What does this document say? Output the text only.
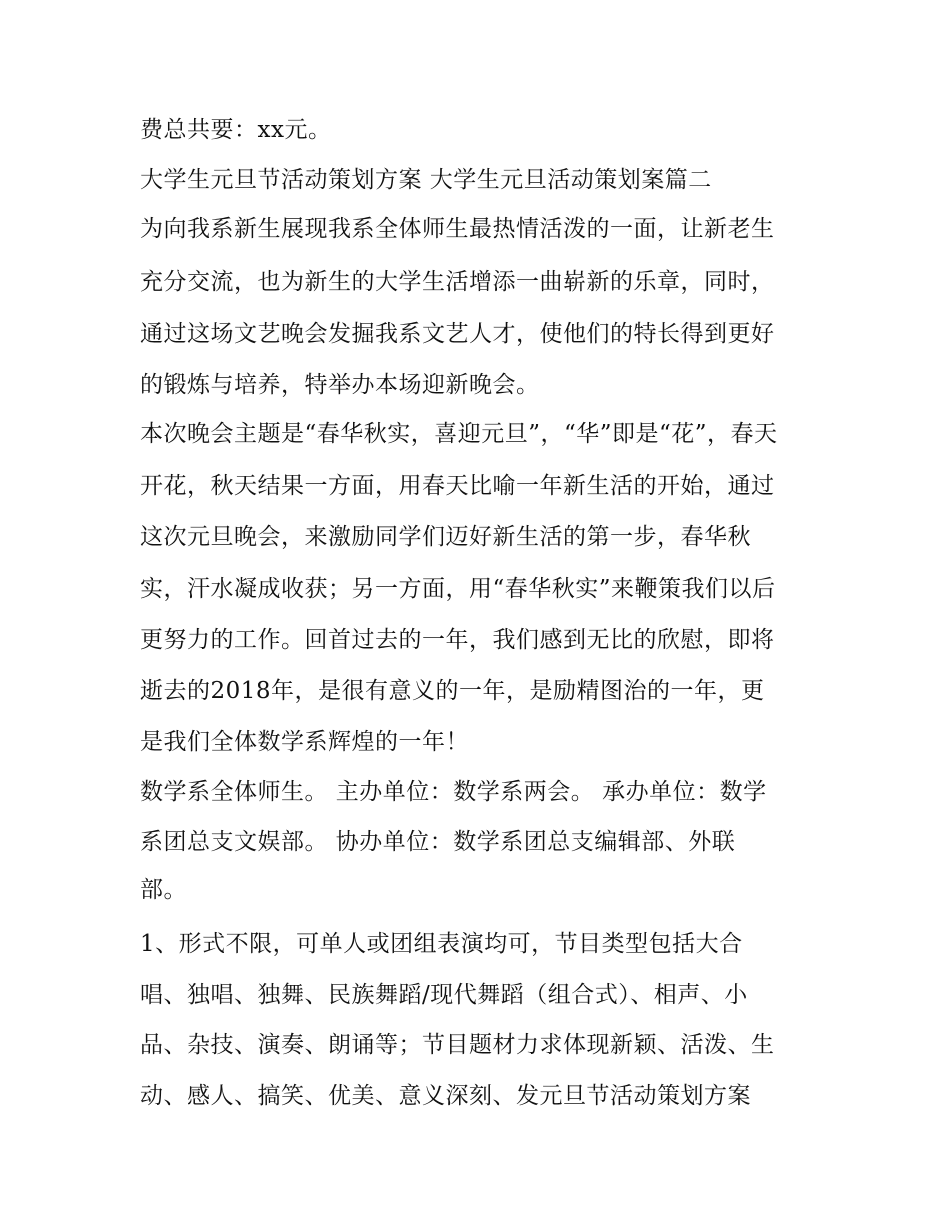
费总共要：xx元。
大学生元旦节活动策划方案 大学生元旦活动策划案篇二
为向我系新生展现我系全体师生最热情活泼的一面，让新老生
充分交流，也为新生的大学生活增添一曲崭新的乐章，同时，
通过这场文艺晚会发掘我系文艺人才，使他们的特长得到更好
的锻炼与培养，特举办本场迎新晚会。
本次晚会主题是“春华秋实，喜迎元旦”，“华”即是“花”，春天
开花，秋天结果一方面，用春天比喻一年新生活的开始，通过
这次元旦晚会，来激励同学们迈好新生活的第一步，春华秋
实，汗水凝成收获；另一方面，用“春华秋实”来鞭策我们以后
更努力的工作。回首过去的一年，我们感到无比的欣慰，即将
逝去的2018年，是很有意义的一年，是励精图治的一年，更
是我们全体数学系辉煌的一年！
数学系全体师生。 主办单位：数学系两会。 承办单位：数学
系团总支文娱部。 协办单位：数学系团总支编辑部、外联
部。
1、形式不限，可单人或团组表演均可，节目类型包括大合
唱、独唱、独舞、民族舞蹈/现代舞蹈（组合式）、相声、小
品、杂技、演奏、朗诵等；节目题材力求体现新颖、活泼、生
动、感人、搞笑、优美、意义深刻、发元旦节活动策划方案
